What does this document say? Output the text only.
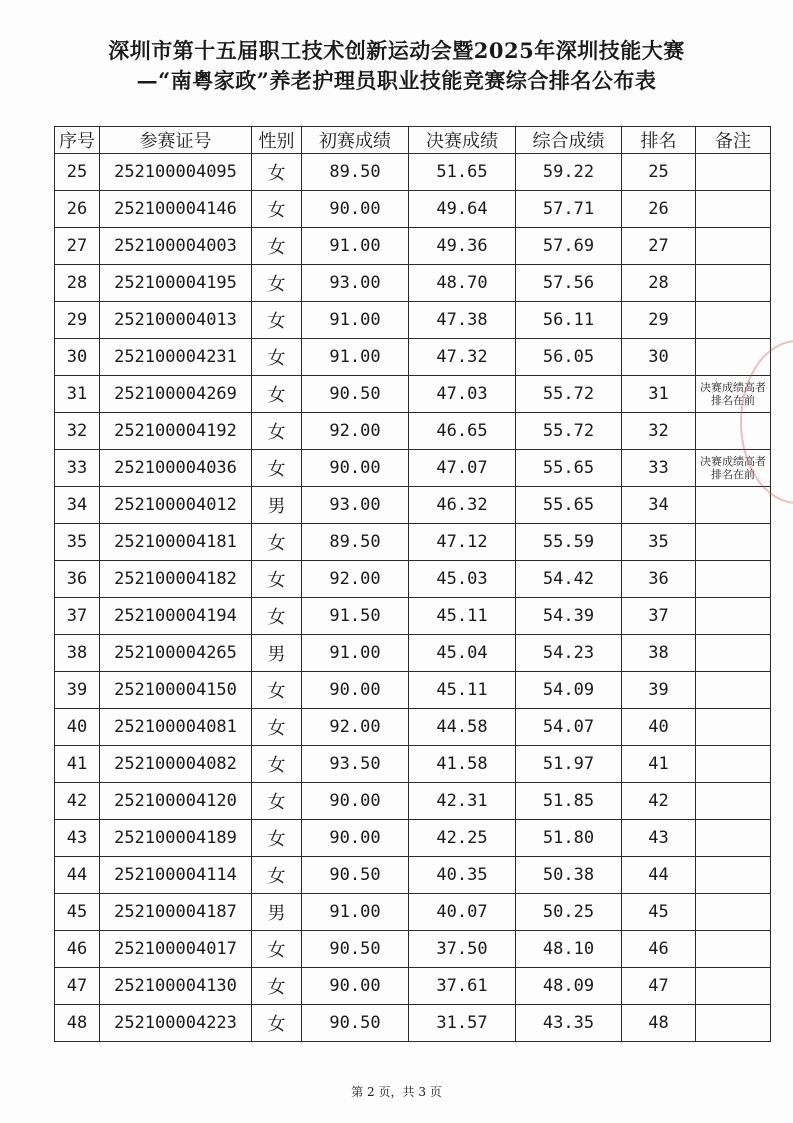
深圳市第十五届职工技术创新运动会暨2025年深圳技能大赛
—“南粤家政”养老护理员职业技能竞赛综合排名公布表
序号	参赛证号	性别	初赛成绩	决赛成绩	综合成绩	排名	备注
25	252100004095	女	89.50	51.65	59.22	25	
26	252100004146	女	90.00	49.64	57.71	26	
27	252100004003	女	91.00	49.36	57.69	27	
28	252100004195	女	93.00	48.70	57.56	28	
29	252100004013	女	91.00	47.38	56.11	29	
30	252100004231	女	91.00	47.32	56.05	30	
31	252100004269	女	90.50	47.03	55.72	31	决赛成绩高者排名在前
32	252100004192	女	92.00	46.65	55.72	32	
33	252100004036	女	90.00	47.07	55.65	33	决赛成绩高者排名在前
34	252100004012	男	93.00	46.32	55.65	34	
35	252100004181	女	89.50	47.12	55.59	35	
36	252100004182	女	92.00	45.03	54.42	36	
37	252100004194	女	91.50	45.11	54.39	37	
38	252100004265	男	91.00	45.04	54.23	38	
39	252100004150	女	90.00	45.11	54.09	39	
40	252100004081	女	92.00	44.58	54.07	40	
41	252100004082	女	93.50	41.58	51.97	41	
42	252100004120	女	90.00	42.31	51.85	42	
43	252100004189	女	90.00	42.25	51.80	43	
44	252100004114	女	90.50	40.35	50.38	44	
45	252100004187	男	91.00	40.07	50.25	45	
46	252100004017	女	90.50	37.50	48.10	46	
47	252100004130	女	90.00	37.61	48.09	47	
48	252100004223	女	90.50	31.57	43.35	48	
第 2 页，共 3 页
